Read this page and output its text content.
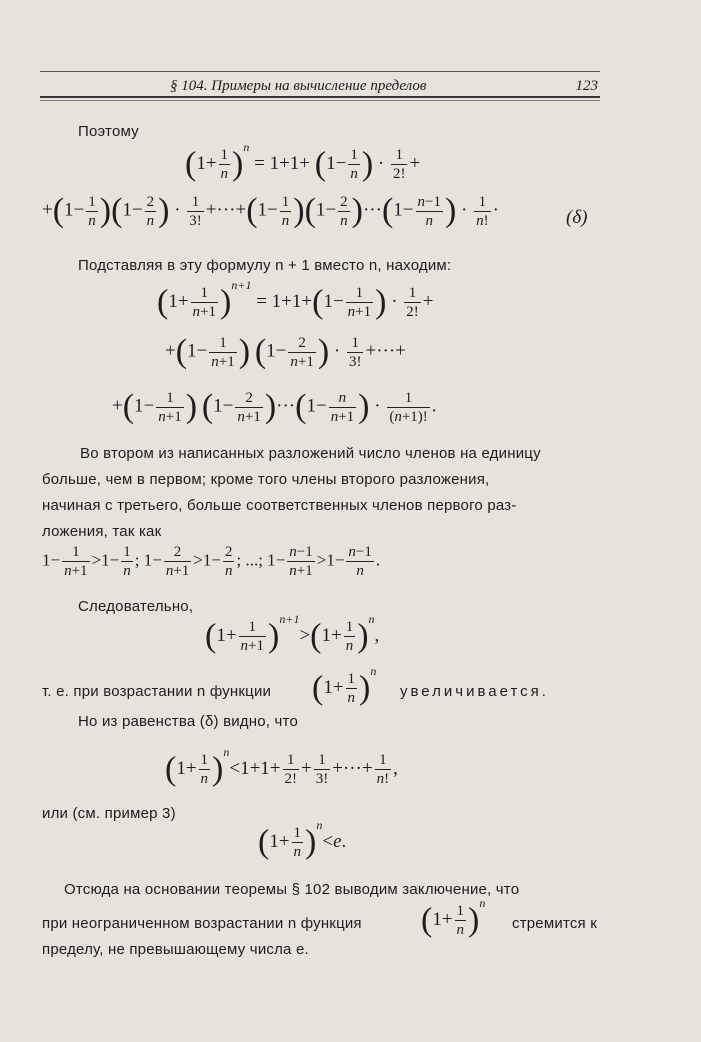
§ 104. Примеры на вычисление пределов	123
Поэтому
$(1+ \frac{1}{n} )^n = 1+1+ (1- \frac{1}{n}$ ) · $\frac{1}{2!}$ +
$+(1- \frac{1}{n} )(1- \frac{2}{n}$ ) · $\frac{1}{3!} +\cdot\cdot\cdot+(1- \frac{1}{n} )(1- \frac{2}{n} )\cdot\cdot\cdot(1- \frac{n-1}{n}$ ) · $\frac{1}{n!}$ ·	(δ)
Подставляя в эту формулу n + 1 вместо n, находим:
$(1+ \frac{1}{n+1} )^{n+1} = 1+1+(1- \frac{1}{n+1}$ ) · $\frac{1}{2!}$ +
$+(1- \frac{1}{n+1}$ ) ($1- \frac{2}{n+1}$ ) · $\frac{1}{3!}$ +···+
$+(1- \frac{1}{n+1}$ ) $(1- \frac{2}{n+1} )\cdot\cdot\cdot(1- \frac{n}{n+1}$ ) · $\frac{1}{(n+1)!}$ .
Во втором из написанных разложений число членов на единицу
больше, чем в первом; кроме того члены второго разложения,
начиная с третьего, больше соответственных членов первого раз-
ложения, так как
$1- \frac{1}{n+1} >1- \frac{1}{n}$ ; $1- \frac{2}{n+1} >1- \frac{2}{n}$ ; ...; $1- \frac{n-1}{n+1} >1- \frac{n-1}{n}$ .
Следовательно,
$(1+ \frac{1}{n+1} )^{n+1}>(1+ \frac{1}{n} )^n$,
т. е. при возрастании n функции $(1+ \frac{1}{n} )^n$
увеличивается.
Но из равенства (δ) видно, что
$(1+ \frac{1}{n} )^n<1+1+ \frac{1}{2!} + \frac{1}{3!}$ +···+ $\frac{1}{n!}$ ,
или (см. пример 3)
$(1+ \frac{1}{n} )^n<e$.
Отсюда на основании теоремы § 102 выводим заключение, что
при неограниченном возрастании n функция $(1+ \frac{1}{n} )^n$
стремится к
пределу, не превышающему числа e.
